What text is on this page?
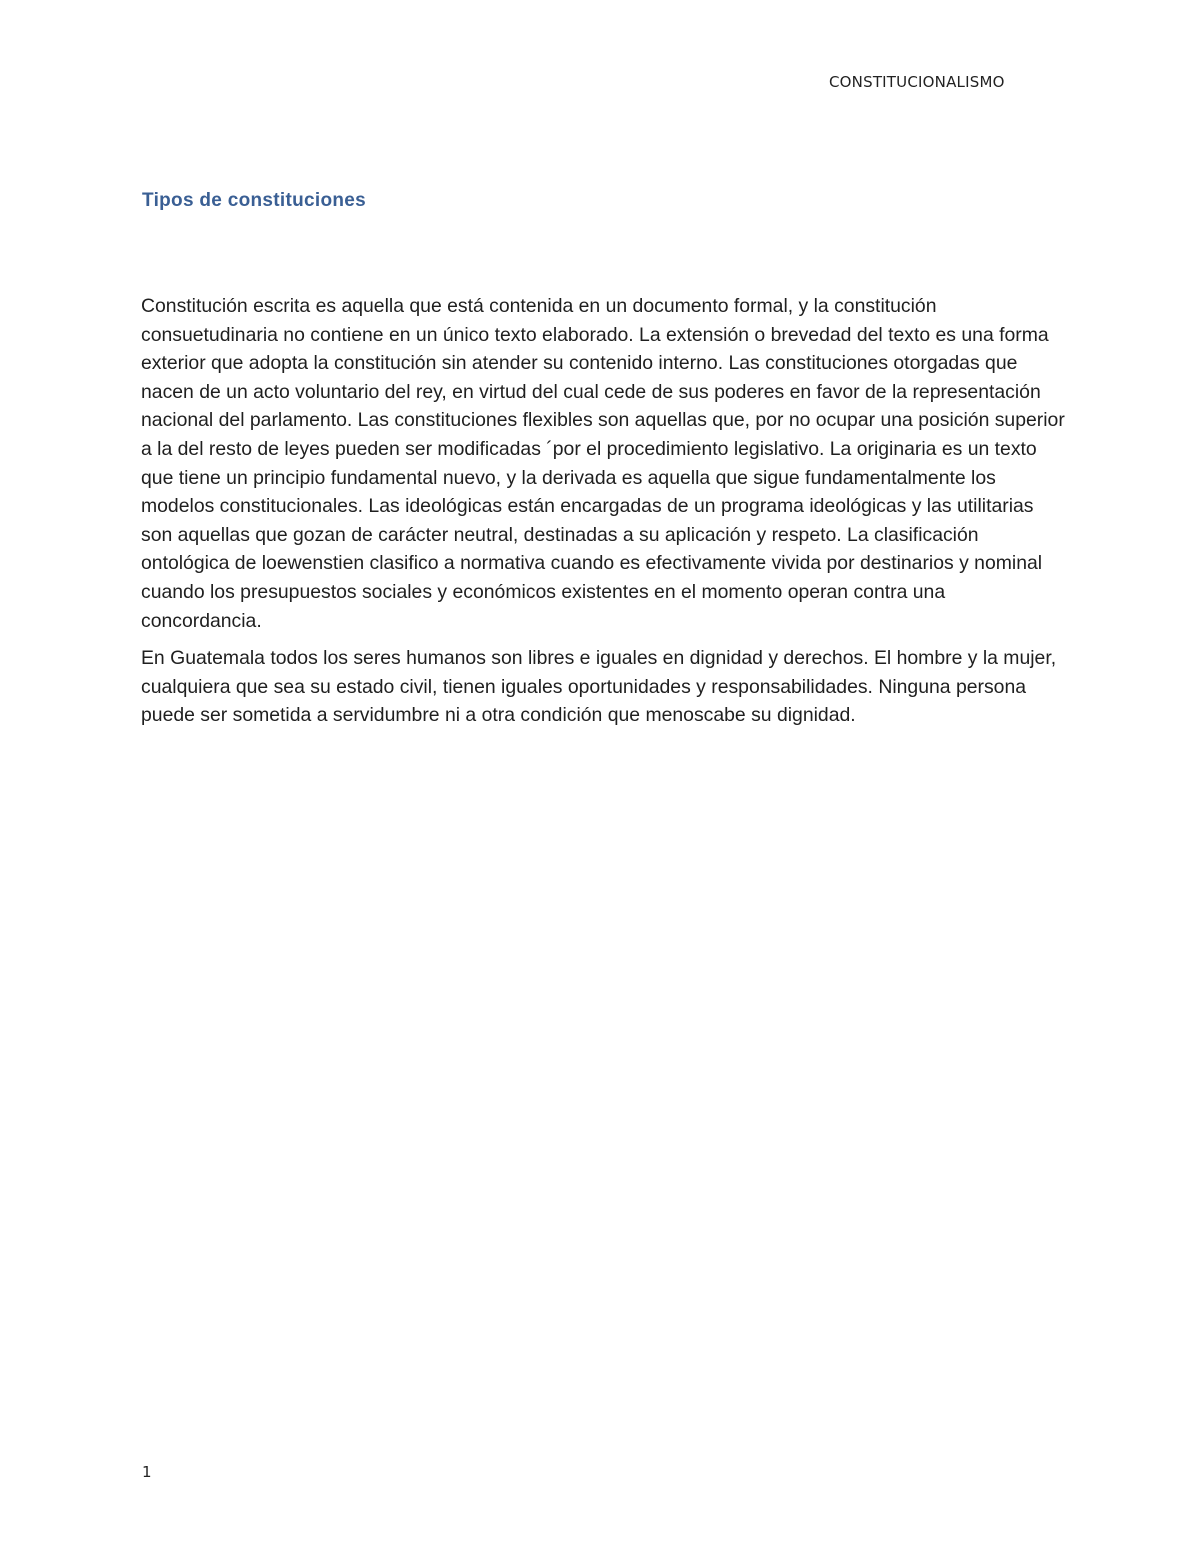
CONSTITUCIONALISMO
Tipos de constituciones

Constitución escrita es aquella que está contenida en un documento formal, y la constitución consuetudinaria no contiene en un único texto elaborado. La extensión o brevedad del texto es una forma exterior que adopta la constitución sin atender su contenido interno. Las constituciones otorgadas que nacen de un acto voluntario del rey, en virtud del cual cede de sus poderes en favor de la representación nacional del parlamento. Las constituciones flexibles son aquellas que, por no ocupar una posición superior a la del resto de leyes pueden ser modificadas ´por el procedimiento legislativo. La originaria es un texto que tiene un principio fundamental nuevo, y la derivada es aquella que sigue fundamentalmente los modelos constitucionales. Las ideológicas están encargadas de un programa ideológicas y las utilitarias son aquellas que gozan de carácter neutral, destinadas a su aplicación y respeto. La clasificación ontológica de loewenstien clasifico a normativa cuando es efectivamente vivida por destinarios y nominal cuando los presupuestos sociales y económicos existentes en el momento operan contra una concordancia.

En Guatemala todos los seres humanos son libres e iguales en dignidad y derechos. El hombre y la mujer, cualquiera que sea su estado civil, tienen iguales oportunidades y responsabilidades. Ninguna persona puede ser sometida a servidumbre ni a otra condición que menoscabe su dignidad.

1
